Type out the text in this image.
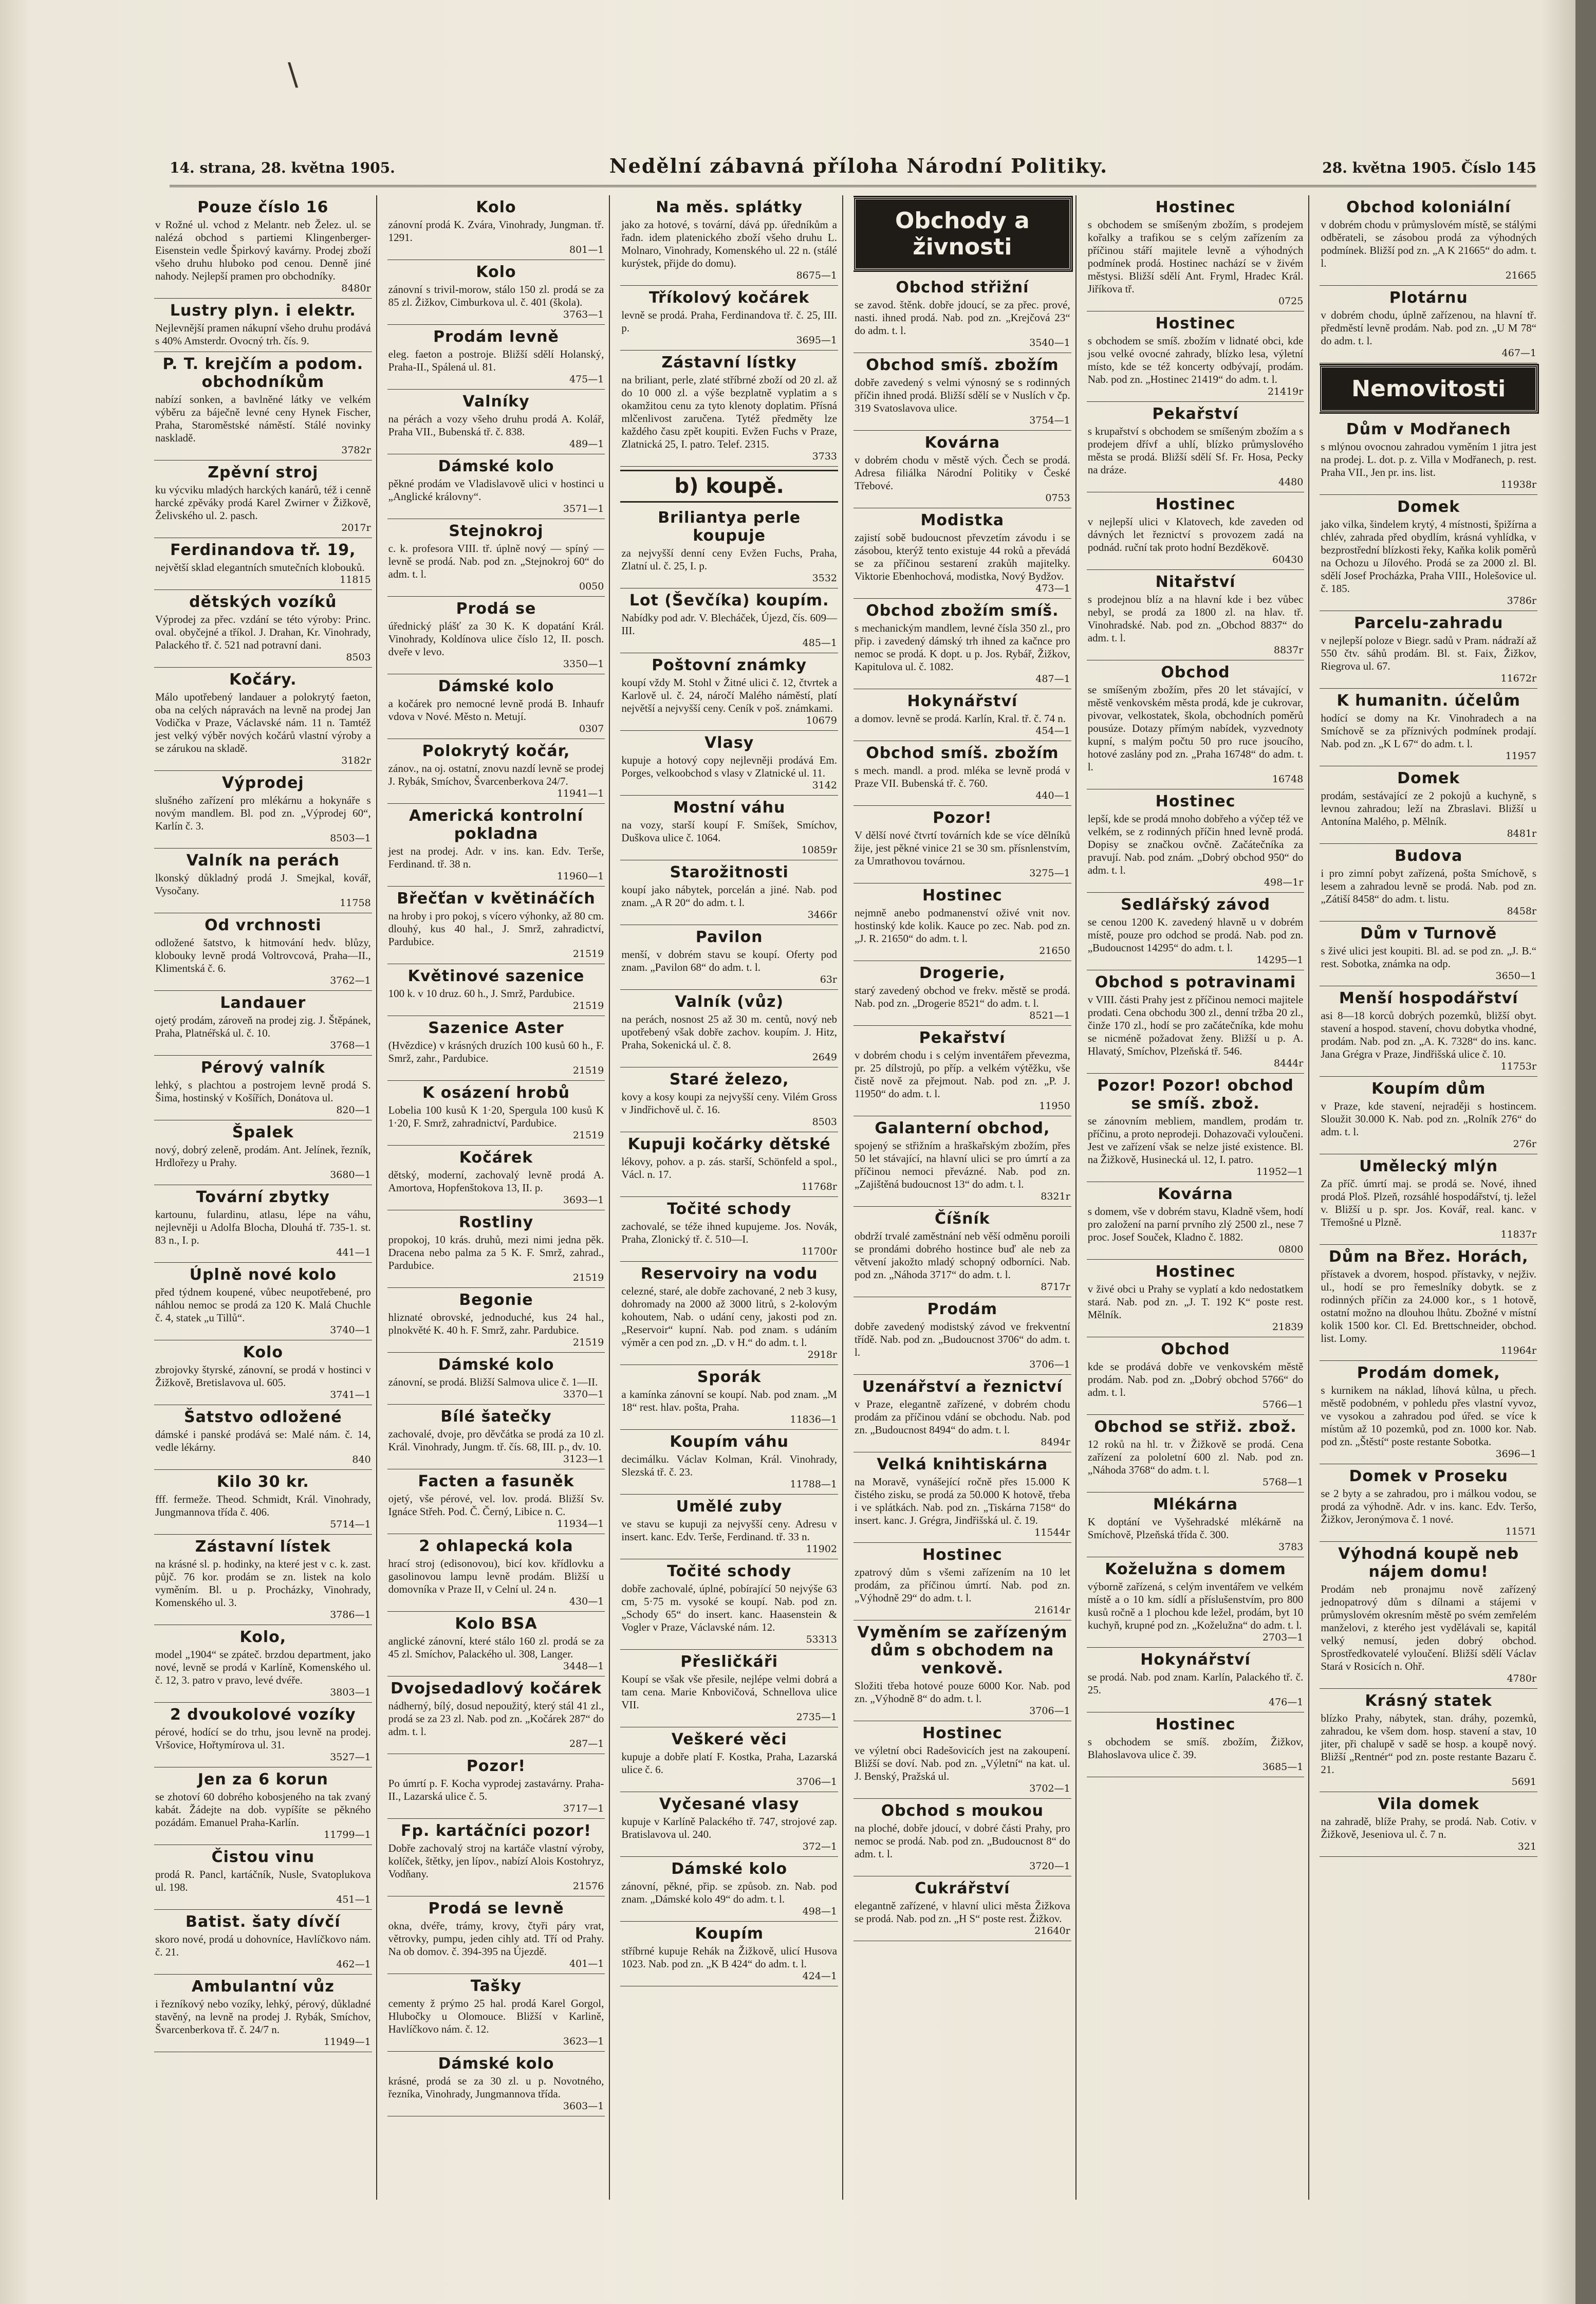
\
14. strana, 28. května 1905.	Nedělní zábavná příloha Národní Politiky.	28. května 1905. Číslo 145
Pouze číslo 16

v Rožné ul. vchod z Melantr. neb Želez. ul. se nalézá obchod s partiemi Klingenberger-Eisenstein vedle Špirkový kavárny. Prodej zboží všeho druhu hluboko pod cenou. Denně jiné nahody. Nejlepší pramen pro obchodníky.

8480r
Lustry plyn. i elektr.

Nejlevnější pramen nákupní všeho druhu prodává s 40% Amsterdr. Ovocný trh. čís. 9.

P. T. krejčím a podom. obchodníkům

nabízí sonken, a bavlněné látky ve velkém výběru za báječně levné ceny Hynek Fischer, Praha, Staroměstské náměstí. Stálé novinky naskladě.

3782r
Zpěvní stroj

ku výcviku mladých harckých kanárů, též i cenně harcké zpěváky prodá Karel Zwirner v Žižkově, Želivského ul. 2. pasch.

2017r
Ferdinandova tř. 19,

největší sklad elegantních smutečních klobouků.

11815
dětských vozíků

Výprodej za přec. vzdání se této výroby: Princ. oval. obyčejné a tříkol. J. Drahan, Kr. Vinohrady, Palackého tř. č. 521 nad potravní dani.

8503
Kočáry.

Málo upotřebený landauer a polokrytý faeton, oba na celých nápravách na levně na prodej Jan Vodička v Praze, Václavské nám. 11 n. Tamtéž jest velký výběr nových kočárů vlastní výroby a se zárukou na skladě.

3182r
Výprodej

slušného zařízení pro mlékárnu a hokynáře s novým mandlem. Bl. pod zn. „Výprodej 60“, Karlín č. 3.

8503—1
Valník na perách

lkonský důkladný prodá J. Smejkal, kovář, Vysočany.

11758
Od vrchnosti

odložené šatstvo, k hitmování hedv. blůzy, klobouky levně prodá Voltrovcová, Praha—II., Klimentská č. 6.

3762—1
Landauer

ojetý prodám, zároveň na prodej zig. J. Štěpánek, Praha, Platnéřská ul. č. 10.

3768—1
Pérový valník

lehký, s plachtou a postrojem levně prodá S. Šima, hostinský v Košířích, Donátova ul.

820—1
Špalek

nový, dobrý zeleně, prodám. Ant. Jelínek, řezník, Hrdlořezy u Prahy.

3680—1
Tovární zbytky

kartounu, fulardinu, atlasu, lépe na váhu, nejlevněji u Adolfa Blocha, Dlouhá tř. 735-1. st. 83 n., I. p.

441—1
Úplně nové kolo

před týdnem koupené, vůbec neupotřebené, pro náhlou nemoc se prodá za 120 K. Malá Chuchle č. 4, statek „u Tillů“.

3740—1
Kolo

zbrojovky štyrské, zánovní, se prodá v hostinci v Žižkově, Bretislavova ul. 605.

3741—1
Šatstvo odložené

dámské i panské prodává se: Malé nám. č. 14, vedle lékárny.

840
Kilo 30 kr.

fff. fermeže. Theod. Schmidt, Král. Vinohrady, Jungmannova třída č. 406.

5714—1
Zástavní lístek

na krásné sl. p. hodinky, na které jest v c. k. zast. půjč. 76 kor. prodám se zn. listek na kolo vyměním. Bl. u p. Procházky, Vinohrady, Komenského ul. 3.

3786—1
Kolo,

model „1904“ se zpáteč. brzdou department, jako nové, levně se prodá v Karlíně, Komenského ul. č. 12, 3. patro v pravo, levé dvéře.

3803—1
2 dvoukolové vozíky

pérové, hodící se do trhu, jsou levně na prodej. Vršovice, Hořtymírova ul. 31.

3527—1
Jen za 6 korun

se zhotoví 60 dobrého kobosjeného na tak zvaný kabát. Žádejte na dob. vypíšíte se pěkného pozádám. Emanuel Praha-Karlín.

11799—1
Čistou vinu

prodá R. Pancl, kartáčník, Nusle, Svatoplukova ul. 198.

451—1
Batist. šaty dívčí

skoro nové, prodá u dohovníce, Havlíčkovo nám. č. 21.

462—1
Ambulantní vůz

i řezníkový nebo vozíky, lehký, pérový, důkladné stavěný, na levně na prodej J. Rybák, Smíchov, Švarcenberkova tř. č. 24/7 n.

11949—1
Kolo

zánovní prodá K. Zvára, Vinohrady, Jungman. tř. 1291.

801—1
Kolo

zánovní s trivil-morow, stálo 150 zl. prodá se za 85 zl. Žižkov, Cimburkova ul. č. 401 (škola).

3763—1
Prodám levně

eleg. faeton a postroje. Bližší sdělí Holanský, Praha-II., Spálená ul. 81.

475—1
Valníky

na pérách a vozy všeho druhu prodá A. Kolář, Praha VII., Bubenská tř. č. 838.

489—1
Dámské kolo

pěkné prodám ve Vladislavově ulici v hostinci u „Anglické královny“.

3571—1
Stejnokroj

c. k. profesora VIII. tř. úplně nový — spíný — levně se prodá. Nab. pod zn. „Stejnokroj 60“ do adm. t. l.

0050
Prodá se

úřednický plášť za 30 K. K dopatání Král. Vinohrady, Koldínova ulice číslo 12, II. posch. dveře v levo.

3350—1
Dámské kolo

a kočárek pro nemocné levně prodá B. Inhaufr vdova v Nové. Město n. Metují.

0307
Polokrytý kočár,

zánov., na oj. ostatní, znovu nazdí levně se prodej J. Rybák, Smíchov, Švarcenberkova 24/7.

11941—1
Americká kontrolní pokladna

jest na prodej. Adr. v ins. kan. Edv. Terše, Ferdinand. tř. 38 n.

11960—1
Břečťan v květináčích

na hroby i pro pokoj, s vícero výhonky, až 80 cm. dlouhý, kus 40 hal., J. Smrž, zahradictví, Pardubice.

21519
Květinové sazenice

100 k. v 10 druz. 60 h., J. Smrž, Pardubice.

21519
Sazenice Aster

(Hvězdice) v krásných druzích 100 kusů 60 h., F. Smrž, zahr., Pardubice.

21519
K osázení hrobů

Lobelia 100 kusů K 1·20, Spergula 100 kusů K 1·20, F. Smrž, zahradnictví, Pardubice.

21519
Kočárek

dětský, moderní, zachovalý levně prodá A. Amortova, Hopfenštokova 13, II. p.

3693—1
Rostliny

propokoj, 10 krás. druhů, mezi nimi jedna pěk. Dracena nebo palma za 5 K. F. Smrž, zahrad., Pardubice.

21519
Begonie

hliznaté obrovské, jednoduché, kus 24 hal., plnokvěté K. 40 h. F. Smrž, zahr. Pardubice.

21519
Dámské kolo

zánovní, se prodá. Bližší Salmova ulice č. 1—II.

3370—1
Bílé šatečky

zachovalé, dvoje, pro děvčátka se prodá za 10 zl. Král. Vinohrady, Jungm. tř. čís. 68, III. p., dv. 10.

3123—1
Facten a fasuněk

ojetý, vše pérové, vel. lov. prodá. Bližší Sv. Ignáce Střeh. Pod. Č. Černý, Libice n. C.

11934—1
2 ohlapecká kola

hrací stroj (edisonovou), bicí kov. křídlovku a gasolinovou lampu levně prodám. Bližší u domovníka v Praze II, v Celní ul. 24 n.

430—1
Kolo BSA

anglické zánovní, které stálo 160 zl. prodá se za 45 zl. Smíchov, Palackého ul. 308, Langer.

3448—1
Dvojsedadlový kočárek

nádherný, bílý, dosud nepoužitý, který stál 41 zl., prodá se za 23 zl. Nab. pod zn. „Kočárek 287“ do adm. t. l.

287—1
Pozor!

Po úmrtí p. F. Kocha vyprodej zastavárny. Praha-II., Lazarská ulice č. 5.

3717—1
Fp. kartáčníci pozor!

Dobře zachovalý stroj na kartáče vlastní výroby, kolíček, štětky, jen lípov., nabízí Alois Kostohryz, Vodňany.

21576
Prodá se levně

okna, dvéře, trámy, krovy, čtyři páry vrat, větrovky, pumpu, jeden cihly atd. Tří od Prahy. Na ob domov. č. 394-395 na Újezdě.

401—1
Tašky

cementy ž prýmo 25 hal. prodá Karel Gorgol, Hlubočky u Olomouce. Bližší v Karlině, Havlíčkovo nám. č. 12.

3623—1
Dámské kolo

krásné, prodá se za 30 zl. u p. Novotného, řezníka, Vinohrady, Jungmannova třída.

3603—1
Na měs. splátky

jako za hotové, s tovární, dává pp. úředníkům a řadn. idem platenického zboží všeho druhu L. Molnaro, Vinohrady, Komenského ul. 22 n. (stálé kurýstek, přijde do domu).

8675—1
Tříkolový kočárek

levně se prodá. Praha, Ferdinandova tř. č. 25, III. p.

3695—1
Zástavní lístky

na briliant, perle, zlaté stříbrné zboží od 20 zl. až do 10 000 zl. a výše bezplatně vyplatim a s okamžitou cenu za tyto klenoty doplatim. Přísná mlčenlivost zaručena. Tytéž předměty lze každého času zpět koupiti. Evžen Fuchs v Praze, Zlatnická 25, I. patro. Telef. 2315.

3733
b) koupě.
Briliantya perle koupuje

za nejvyšší denní ceny Evžen Fuchs, Praha, Zlatní ul. č. 25, I. p.

3532
Lot (Ševčíka) koupím.

Nabídky pod adr. V. Blecháček, Újezd, čís. 609—III.

485—1
Poštovní známky

koupí vždy M. Stohl v Žitné ulici č. 12, čtvrtek a Karlově ul. č. 24, náročí Malého náměstí, platí největší a nejvyšší ceny. Ceník v poš. známkami.

10679
Vlasy

kupuje a hotový copy nejlevněji prodává Em. Porges, velkoobchod s vlasy v Zlatnické ul. 11.

3142
Mostní váhu

na vozy, starší koupí F. Smíšek, Smíchov, Duškova ulice č. 1064.

10859r
Starožitnosti

koupí jako nábytek, porcelán a jiné. Nab. pod znam. „A R 20“ do adm. t. l.

3466r
Pavilon

menší, v dobrém stavu se koupí. Oferty pod znam. „Pavilon 68“ do adm. t. l.

63r
Valník (vůz)

na perách, nosnost 25 až 30 m. centů, nový neb upotřebený však dobře zachov. koupím. J. Hitz, Praha, Sokenická ul. č. 8.

2649
Staré železo,

kovy a kosy koupi za nejvyšší ceny. Vilém Gross v Jindřichově ul. č. 16.

8503
Kupuji kočárky dětské

lékovy, pohov. a p. zás. starší, Schönfeld a spol., Václ. n. 17.

11768r
Točité schody

zachovalé, se téže ihned kupujeme. Jos. Novák, Praha, Zlonický tř. č. 510—I.

11700r
Reservoiry na vodu

celezné, staré, ale dobře zachované, 2 neb 3 kusy, dohromady na 2000 až 3000 litrů, s 2-kolovým kohoutem, Nab. o udání ceny, jakosti pod zn. „Reservoir“ kupní. Nab. pod znam. s udáním výměr a cen pod zn. „D. v H.“ do adm. t. l.

2918r
Sporák

a kamínka zánovní se koupí. Nab. pod znam. „M 18“ rest. hlav. pošta, Praha.

11836—1
Koupím váhu

decimálku. Václav Kolman, Král. Vinohrady, Slezská tř. č. 23.

11788—1
Umělé zuby

ve stavu se kupuji za nejvyšší ceny. Adresu v insert. kanc. Edv. Terše, Ferdinand. tř. 33 n.

11902
Točité schody

dobře zachovalé, úplné, pobírající 50 nejvýše 63 cm, 5·75 m. vysoké se koupí. Nab. pod zn. „Schody 65“ do insert. kanc. Haasenstein & Vogler v Praze, Václavské nám. 12.

53313
Přesličkáři

Koupí se však vše přesile, nejlépe velmi dobrá a tam cena. Marie Knbovičová, Schnellova ulice VII.

2735—1
Veškeré věci

kupuje a dobře platí F. Kostka, Praha, Lazarská ulice č. 6.

3706—1
Vyčesané vlasy

kupuje v Karlíně Palackého tř. 747, strojové zap. Bratislavova ul. 240.

372—1
Dámské kolo

zánovní, pěkné, přip. se způsob. zn. Nab. pod znam. „Dámské kolo 49“ do adm. t. l.

498—1
Koupím

stříbrné kupuje Rehák na Žižkově, ulicí Husova 1023. Nab. pod zn. „K B 424“ do adm. t. l.

424—1
Obchody a živnosti
Obchod střižní

se zavod. štěnk. dobře jdoucí, se za přec. prové, nasti. ihned prodá. Nab. pod zn. „Krejčová 23“ do adm. t. l.

3540—1
Obchod smíš. zbožím

dobře zavedený s velmi výnosný se s rodinných příčin ihned prodá. Bližší sdělí se v Nuslích v čp. 319 Svatoslavova ulice.

3754—1
Kovárna

v dobrém chodu v městě vých. Čech se prodá. Adresa filiálka Národní Politiky v České Třebové.

0753
Modistka

zajistí sobě budoucnost převzetím závodu i se zásobou, kterýž tento existuje 44 roků a převádá se za příčinou sestarení zrakůh majitelky. Viktorie Ebenhochová, modistka, Nový Bydžov.

473—1
Obchod zbožím smíš.

s mechanickým mandlem, levné čísla 350 zl., pro přip. i zavedený dámský trh ihned za kačnce pro nemoc se prodá. K dopt. u p. Jos. Rybář, Žižkov, Kapitulova ul. č. 1082.

487—1
Hokynářství

a domov. levně se prodá. Karlín, Kral. tř. č. 74 n.

454—1
Obchod smíš. zbožím

s mech. mandl. a prod. mléka se levně prodá v Praze VII. Bubenská tř. č. 760.

440—1
Pozor!

V dělší nové čtvrtí továrních kde se více dělníků žije, jest pěkné vinice 21 se 30 sm. přísnlenstvím, za Umrathovou továrnou.

3275—1
Hostinec

nejmně anebo podmanenství oživé vnit nov. hostinský kde kolik. Kauce po zec. Nab. pod zn. „J. R. 21650“ do adm. t. l.

21650
Drogerie,

starý zavedený obchod ve frekv. městě se prodá. Nab. pod zn. „Drogerie 8521“ do adm. t. l.

8521—1
Pekařství

v dobrém chodu i s celým inventářem převezma, pr. 25 dílstrojů, po příp. a velkém výtěžku, vše čistě nově za přejmout. Nab. pod zn. „P. J. 11950“ do adm. t. l.

11950
Galanterní obchod,

spojený se střižním a hraškařským zbožím, přes 50 let stávající, na hlavní ulici se pro úmrtí a za příčinou nemoci převázné. Nab. pod zn. „Zajištěná budoucnost 13“ do adm. t. l.

8321r
Číšník

obdrží trvalé zaměstnání neb věší odměnu poroili se prondámi dobrého hostince buď ale neb za větvení jakožto mladý schopný odborníci. Nab. pod zn. „Náhoda 3717“ do adm. t. l.

8717r
Prodám

dobře zavedený modistský závod ve frekventní třídě. Nab. pod zn. „Budoucnost 3706“ do adm. t. l.

3706—1
Uzenářství a řeznictví

v Praze, elegantně zařízené, v dobrém chodu prodám za příčinou vdání se obchodu. Nab. pod zn. „Budoucnost 8494“ do adm. t. l.

8494r
Velká knihtiskárna

na Moravě, vynášející ročně přes 15.000 K čistého zisku, se prodá za 50.000 K hotově, třeba i ve splátkách. Nab. pod zn. „Tiskárna 7158“ do insert. kanc. J. Grégra, Jindřišská ul. č. 19.

11544r
Hostinec

zpatrový dům s všemi zařízením na 10 let prodám, za příčinou úmrtí. Nab. pod zn. „Výhodně 29“ do adm. t. l.

21614r
Vyměním se zařízeným dům s obchodem na venkově.

Složiti třeba hotové pouze 6000 Kor. Nab. pod zn. „Výhodně 8“ do adm. t. l.

3706—1
Hostinec

ve výletní obci Radešovicích jest na zakoupení. Bližší se doví. Nab. pod zn. „Výletní“ na kat. ul. J. Benský, Pražská ul.

3702—1
Obchod s moukou

na ploché, dobře jdoucí, v dobré části Prahy, pro nemoc se prodá. Nab. pod zn. „Budoucnost 8“ do adm. t. l.

3720—1
Cukrářství

elegantně zařízené, v hlavní ulici města Žižkova se prodá. Nab. pod zn. „H S“ poste rest. Žižkov.

21640r
Hostinec

s obchodem se smíšeným zbožím, s prodejem kořalky a trafikou se s celým zařízením za příčinou stáří majitele levně a výhodných podmínek prodá. Hostinec nachází se v živém městysi. Bližší sdělí Ant. Fryml, Hradec Král. Jiříkova tř.

0725
Hostinec

s obchodem se smíš. zbožím v lidnaté obci, kde jsou velké ovocné zahrady, blízko lesa, výletní místo, kde se též koncerty odbývají, prodám. Nab. pod zn. „Hostinec 21419“ do adm. t. l.

21419r
Pekařství

s krupařství s obchodem se smíšeným zbožím a s prodejem dřívf a uhlí, blízko průmyslového města se prodá. Bližší sdělí Sf. Fr. Hosa, Pecky na dráze.

4480
Hostinec

v nejlepší ulici v Klatovech, kde zaveden od dávných let řeznictví s provozem zadá na podnád. ruční tak proto hodní Bezděkově.

60430
Nitařství

s prodejnou blíz a na hlavní kde i bez vůbec nebyl, se prodá za 1800 zl. na hlav. tř. Vinohradské. Nab. pod zn. „Obchod 8837“ do adm. t. l.

8837r
Obchod

se smíšeným zbožím, přes 20 let stávající, v městě venkovském města prodá, kde je cukrovar, pivovar, velkostatek, škola, obchodních poměrů pousúze. Dotazy přímým nabídek, vyzvednoty kupní, s malým počtu 50 pro ruce jsoucího, hotové zaslány pod zn. „Praha 16748“ do adm. t. l.

16748
Hostinec

lepší, kde se prodá mnoho dobřeho a výčep též ve velkém, se z rodinných příčin hned levně prodá. Dopisy se značkou ovčně. Začátečníka za pravují. Nab. pod znám. „Dobrý obchod 950“ do adm. t. l.

498—1r
Sedlářský závod

se cenou 1200 K. zavedený hlavně u v dobrém místě, pouze pro odchod se prodá. Nab. pod zn. „Budoucnost 14295“ do adm. t. l.

14295—1
Obchod s potravinami

v VIII. části Prahy jest z příčinou nemoci majitele prodati. Cena obchodu 300 zl., denní tržba 20 zl., činže 170 zl., hodí se pro začátečníka, kde mohu se nicméně požadovat ženy. Bližší u p. A. Hlavatý, Smíchov, Plzeňská tř. 546.

8444r
Pozor! Pozor! obchod se smíš. zbož.

se zánovním mebliem, mandlem, prodám tr. příčinu, a proto neprodeji. Dohazovači vyloučeni. Jest ve zařízení však se nelze jisté existence. Bl. na Žižkově, Husinecká ul. 12, I. patro.

11952—1
Kovárna

s domem, vše v dobrém stavu, Kladně všem, hodí pro založení na parní prvního zlý 2500 zl., nese 7 proc. Josef Souček, Kladno č. 1882.

0800
Hostinec

v živé obci u Prahy se vyplatí a kdo nedostatkem stará. Nab. pod zn. „J. T. 192 K“ poste rest. Mělník.

21839
Obchod

kde se prodává dobře ve venkovském městě prodám. Nab. pod zn. „Dobrý obchod 5766“ do adm. t. l.

5766—1
Obchod se střiž. zbož.

12 roků na hl. tr. v Žižkově se prodá. Cena zařízení za pololetní 600 zl. Nab. pod zn. „Náhoda 3768“ do adm. t. l.

5768—1
Mlékárna

K doptání ve Vyšehradské mlékárně na Smíchově, Plzeňská třída č. 300.

3783
Koželužna s domem

výborně zařízená, s celým inventářem ve velkém místě a o 10 km. sídlí a příslušenstvím, pro 800 kusů ročně a 1 plochou kde ležel, prodám, byt 10 kuchyň, krupné pod zn. „Koželužna“ do adm. t. l.

2703—1
Hokynářství

se prodá. Nab. pod znam. Karlín, Palackého tř. č. 25.

476—1
Hostinec

s obchodem se smíš. zbožím, Žižkov, Blahoslavova ulice č. 39.

3685—1
Obchod koloniální

v dobrém chodu v průmyslovém místě, se stálými odběrateli, se zásobou prodá za výhodných podmínek. Bližší pod zn. „A K 21665“ do adm. t. l.

21665
Plotárnu

v dobrém chodu, úplně zařízenou, na hlavní tř. předměstí levně prodám. Nab. pod zn. „U M 78“ do adm. t. l.

467—1
Nemovitosti
Dům v Modřanech

s mlýnou ovocnou zahradou vyměním 1 jitra jest na prodej. L. dot. p. z. Villa v Modřanech, p. rest. Praha VII., Jen pr. ins. list.

11938r
Domek

jako vilka, šindelem krytý, 4 místnosti, špižírna a chlév, zahrada před obydlím, krásná vyhlídka, v bezprostřední blízkosti řeky, Kaňka kolik poměrů na Ochozu u Jílového. Prodá se za 2000 zl. Bl. sdělí Josef Procházka, Praha VIII., Holešovice ul. č. 185.

3786r
Parcelu-zahradu

v nejlepší poloze v Biegr. sadů v Pram. nádraží až 550 čtv. sáhů prodám. Bl. st. Faix, Žižkov, Riegrova ul. 67.

11672r
K humanitn. účelům

hodící se domy na Kr. Vinohradech a na Smíchově se za příznivých podmínek prodají. Nab. pod zn. „K L 67“ do adm. t. l.

11957
Domek

prodám, sestávající ze 2 pokojů a kuchyně, s levnou zahradou; leží na Zbraslavi. Bližší u Antonína Malého, p. Mělník.

8481r
Budova

i pro zimní pobyt zařízená, pošta Smíchově, s lesem a zahradou levně se prodá. Nab. pod zn. „Zátiší 8458“ do adm. t. listu.

8458r
Dům v Turnově

s živé ulici jest koupiti. Bl. ad. se pod zn. „J. B.“ rest. Sobotka, známka na odp.

3650—1
Menší hospodářství

asi 8—18 korců dobrých pozemků, bližší obyt. stavení a hospod. stavení, chovu dobytka vhodné, prodám. Nab. pod zn. „A. K. 7328“ do ins. kanc. Jana Grégra v Praze, Jindřišská ulice č. 10.

11753r
Koupím dům

v Praze, kde stavení, nejraději s hostincem. Sloužit 30.000 K. Nab. pod zn. „Rolník 276“ do adm. t. l.

276r
Umělecký mlýn

Za příč. úmrtí maj. se prodá se. Nové, ihned prodá Ploš. Plzeň, rozsáhlé hospodářství, tj. ležel v. Bližší u p. spr. Jos. Kovář, real. kanc. v Třemošné u Plzně.

11837r
Dům na Břez. Horách,

přístavek a dvorem, hospod. přístavky, v nejživ. ul., hodí se pro řemeslníky dobytk. se z rodinných příčin za 24.000 kor., s 1 hotově, ostatní možno na dlouhou lhůtu. Zbožné v místní kolik 1500 kor. Cl. Ed. Brettschneider, obchod. list. Lomy.

11964r
Prodám domek,

s kurnikem na náklad, líhová kůlna, u přech. městě podobném, v pohledu přes vlastní vyvoz, ve vysokou a zahradou pod úřed. se více k místům až 10 pozemků, pod zn. 1000 kor. Nab. pod zn. „Štěstí“ poste restante Sobotka.

3696—1
Domek v Proseku

se 2 byty a se zahradou, pro i málkou vodou, se prodá za výhodně. Adr. v ins. kanc. Edv. Teršo, Žižkov, Jeronýmova č. 1 nové.

11571
Výhodná koupě neb nájem domu!

Prodám neb pronajmu nově zařízený jednopatrový dům s dílnami a stájemi v průmyslovém okresním městě po svém zemřelém manželovi, z kterého jest vydělávali se, kapitál velký nemusí, jeden dobrý obchod. Sprostředkovatelé vyloučení. Bližší sdělí Václav Stará v Rosicích n. Ohř.

4780r
Krásný statek

blízko Prahy, nábytek, stan. dráhy, pozemků, zahradou, ke všem dom. hosp. stavení a stav, 10 jiter, při chalupě v sadě se hosp. a koupě nový. Bližší „Rentnér“ pod zn. poste restante Bazaru č. 21.

5691
Vila domek

na zahradě, blíže Prahy, se prodá. Nab. Cotiv. v Žižkově, Jeseniova ul. č. 7 n.

321
